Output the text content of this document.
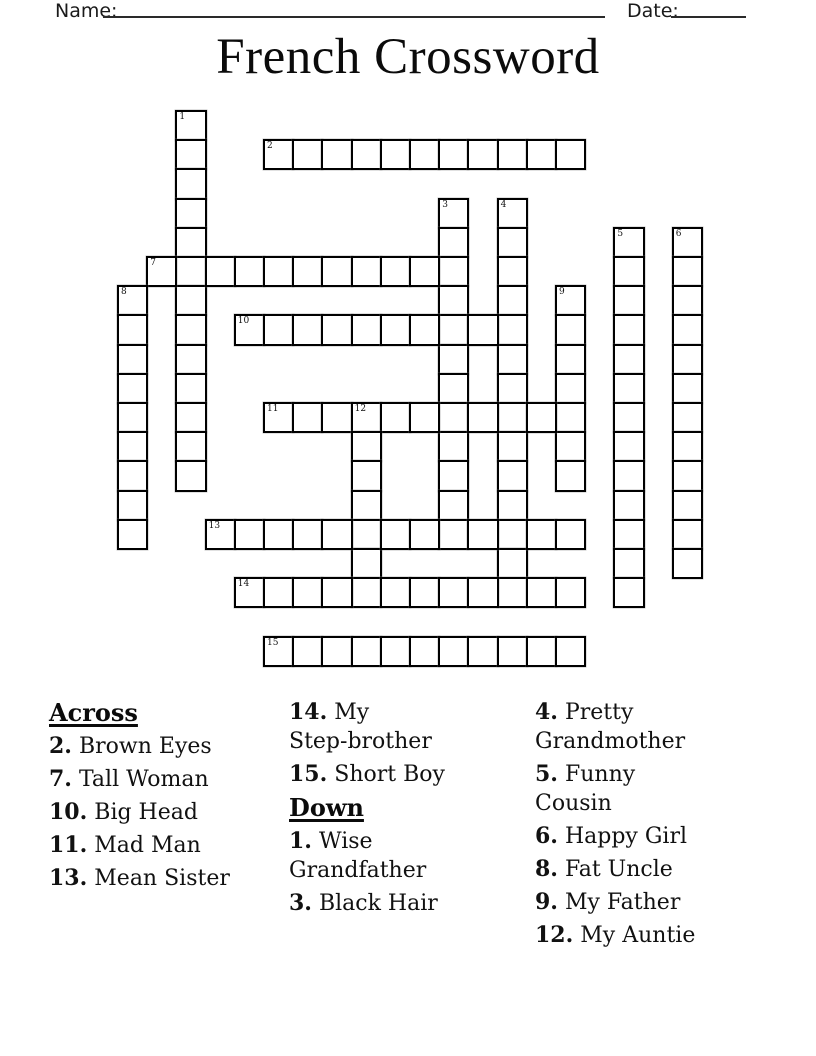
Name:	Date:
French Crossword
1
2
3	4
5	6
7
8	9
10
11	12
13
14
15
Across
2. Brown Eyes
7. Tall Woman
10. Big Head
11. Mad Man
13. Mean Sister
14. My
Step-brother
15. Short Boy
Down
1. Wise
Grandfather
3. Black Hair
4. Pretty
Grandmother
5. Funny
Cousin
6. Happy Girl
8. Fat Uncle
9. My Father
12. My Auntie
